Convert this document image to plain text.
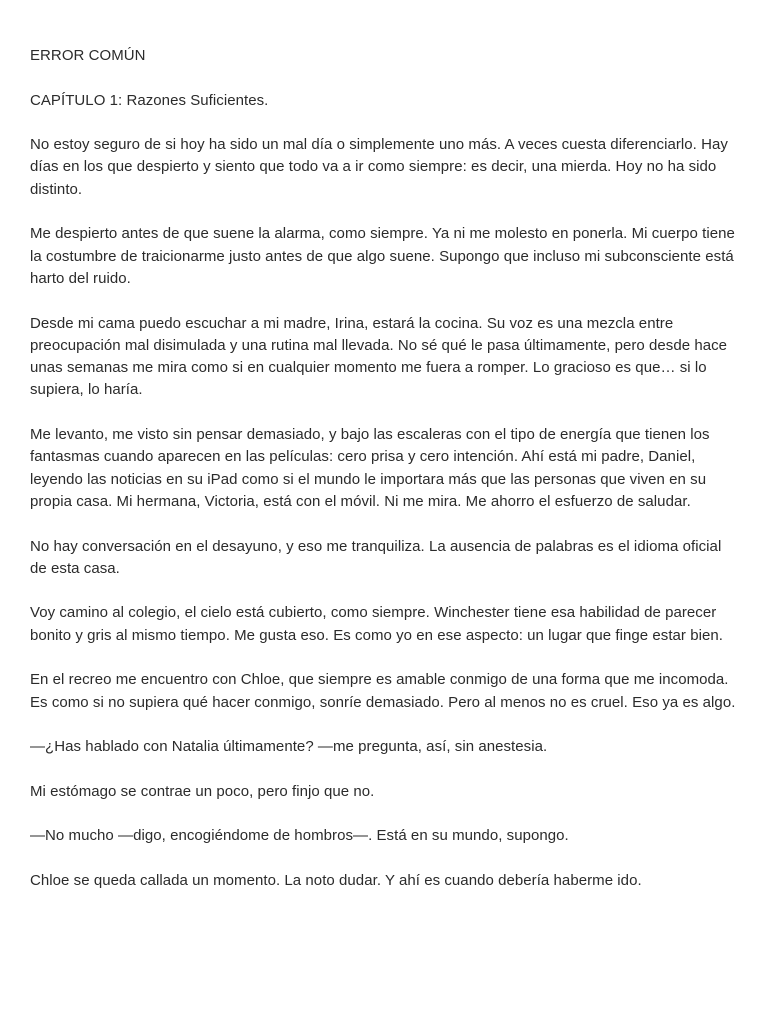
ERROR COMÚN

CAPÍTULO 1: Razones Suficientes.

No estoy seguro de si hoy ha sido un mal día o simplemente uno más. A veces cuesta diferenciarlo. Hay días en los que despierto y siento que todo va a ir como siempre: es decir, una mierda. Hoy no ha sido distinto.

Me despierto antes de que suene la alarma, como siempre. Ya ni me molesto en ponerla. Mi cuerpo tiene la costumbre de traicionarme justo antes de que algo suene. Supongo que incluso mi subconsciente está harto del ruido.

Desde mi cama puedo escuchar a mi madre, Irina, estará la cocina. Su voz es una mezcla entre preocupación mal disimulada y una rutina mal llevada. No sé qué le pasa últimamente, pero desde hace unas semanas me mira como si en cualquier momento me fuera a romper. Lo gracioso es que… si lo supiera, lo haría.

Me levanto, me visto sin pensar demasiado, y bajo las escaleras con el tipo de energía que tienen los fantasmas cuando aparecen en las películas: cero prisa y cero intención. Ahí está mi padre, Daniel, leyendo las noticias en su iPad como si el mundo le importara más que las personas que viven en su propia casa. Mi hermana, Victoria, está con el móvil. Ni me mira. Me ahorro el esfuerzo de saludar.

No hay conversación en el desayuno, y eso me tranquiliza. La ausencia de palabras es el idioma oficial de esta casa.

Voy camino al colegio, el cielo está cubierto, como siempre. Winchester tiene esa habilidad de parecer bonito y gris al mismo tiempo. Me gusta eso. Es como yo en ese aspecto: un lugar que finge estar bien.

En el recreo me encuentro con Chloe, que siempre es amable conmigo de una forma que me incomoda. Es como si no supiera qué hacer conmigo, sonríe demasiado. Pero al menos no es cruel. Eso ya es algo.

—¿Has hablado con Natalia últimamente? —me pregunta, así, sin anestesia.

Mi estómago se contrae un poco, pero finjo que no.

—No mucho —digo, encogiéndome de hombros—. Está en su mundo, supongo.

Chloe se queda callada un momento. La noto dudar. Y ahí es cuando debería haberme ido.
